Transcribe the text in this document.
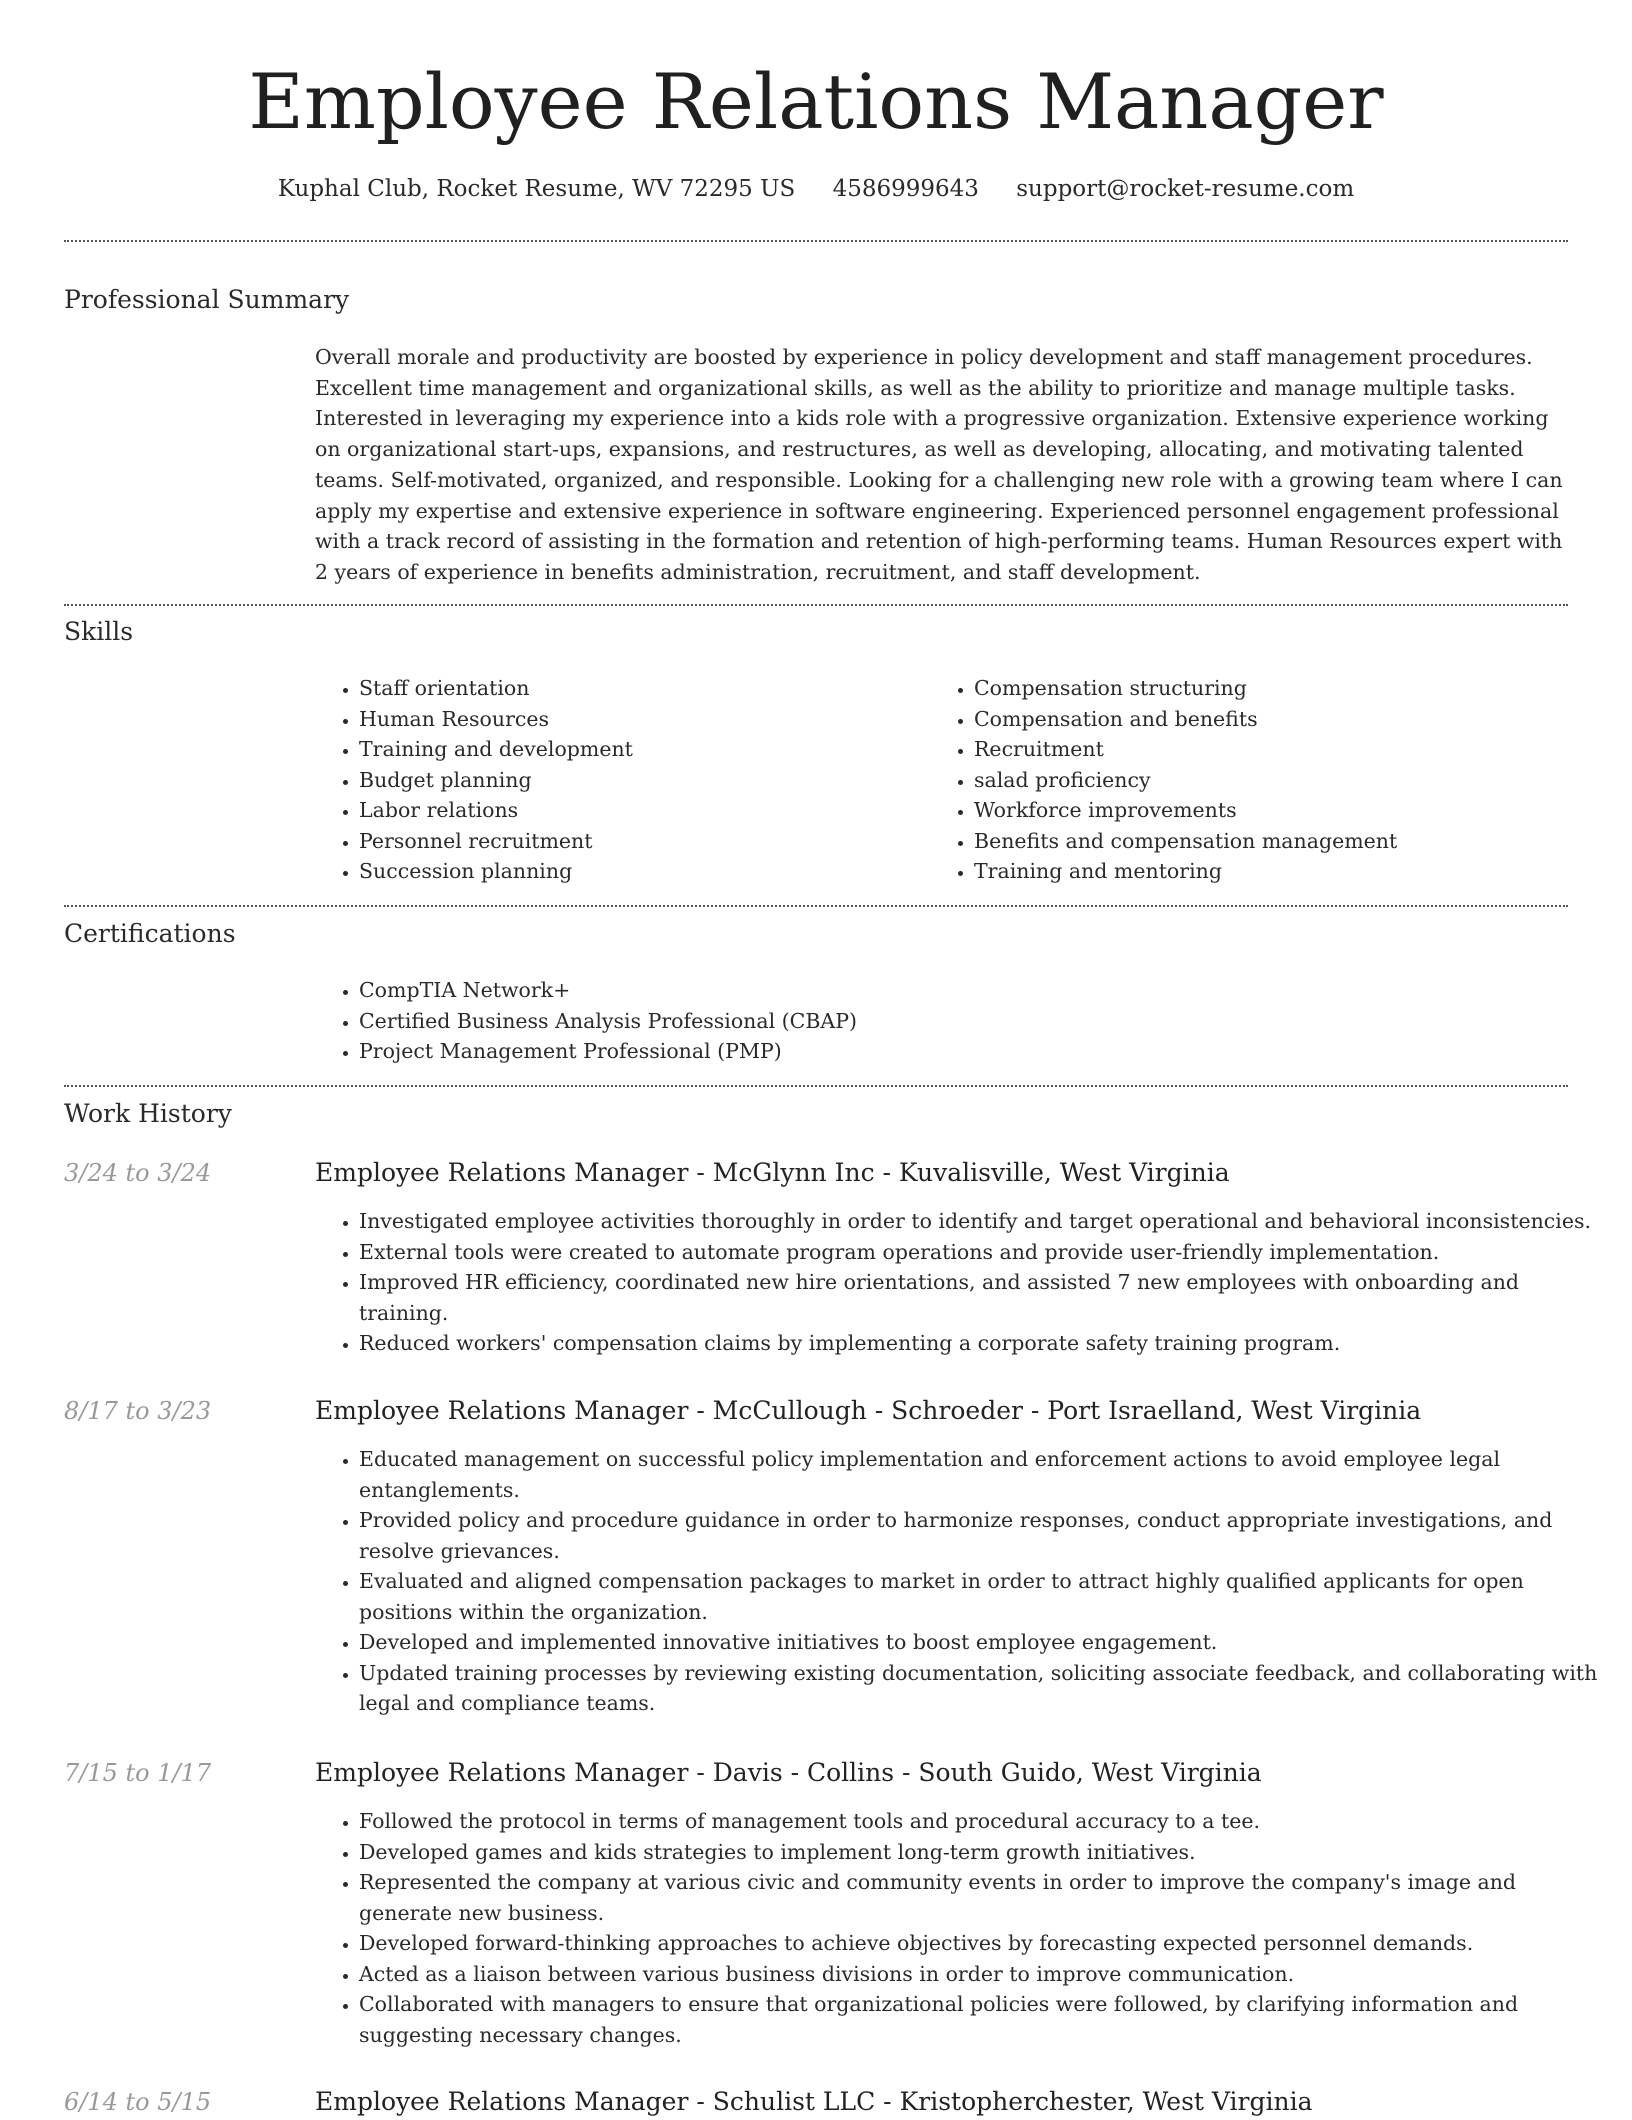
Employee Relations Manager
Kuphal Club, Rocket Resume, WV 72295 US 4586999643 support@rocket-resume.com
Professional Summary

Overall morale and productivity are boosted by experience in policy development and staff management procedures. Excellent time management and organizational skills, as well as the ability to prioritize and manage multiple tasks. Interested in leveraging my experience into a kids role with a progressive organization. Extensive experience working on organizational start-ups, expansions, and restructures, as well as developing, allocating, and motivating talented teams. Self-motivated, organized, and responsible. Looking for a challenging new role with a growing team where I can apply my expertise and extensive experience in software engineering. Experienced personnel engagement professional with a track record of assisting in the formation and retention of high-performing teams. Human Resources expert with 2 years of experience in benefits administration, recruitment, and staff development.

Skills
• Staff orientation
• Human Resources
• Training and development
• Budget planning
• Labor relations
• Personnel recruitment
• Succession planning
• Compensation structuring
• Compensation and benefits
• Recruitment
• salad proficiency
• Workforce improvements
• Benefits and compensation management
• Training and mentoring
Certifications
• CompTIA Network+
• Certified Business Analysis Professional (CBAP)
• Project Management Professional (PMP)
Work History
3/24 to 3/24	Employee Relations Manager - McGlynn Inc - Kuvalisville, West Virginia
• Investigated employee activities thoroughly in order to identify and target operational and behavioral inconsistencies.
• External tools were created to automate program operations and provide user-friendly implementation.
• Improved HR efficiency, coordinated new hire orientations, and assisted 7 new employees with onboarding and training.
• Reduced workers' compensation claims by implementing a corporate safety training program.
8/17 to 3/23	Employee Relations Manager - McCullough - Schroeder - Port Israelland, West Virginia
• Educated management on successful policy implementation and enforcement actions to avoid employee legal entanglements.
• Provided policy and procedure guidance in order to harmonize responses, conduct appropriate investigations, and resolve grievances.
• Evaluated and aligned compensation packages to market in order to attract highly qualified applicants for open positions within the organization.
• Developed and implemented innovative initiatives to boost employee engagement.
• Updated training processes by reviewing existing documentation, soliciting associate feedback, and collaborating with legal and compliance teams.
7/15 to 1/17	Employee Relations Manager - Davis - Collins - South Guido, West Virginia
• Followed the protocol in terms of management tools and procedural accuracy to a tee.
• Developed games and kids strategies to implement long-term growth initiatives.
• Represented the company at various civic and community events in order to improve the company's image and generate new business.
• Developed forward-thinking approaches to achieve objectives by forecasting expected personnel demands.
• Acted as a liaison between various business divisions in order to improve communication.
• Collaborated with managers to ensure that organizational policies were followed, by clarifying information and suggesting necessary changes.
6/14 to 5/15	Employee Relations Manager - Schulist LLC - Kristopherchester, West Virginia
